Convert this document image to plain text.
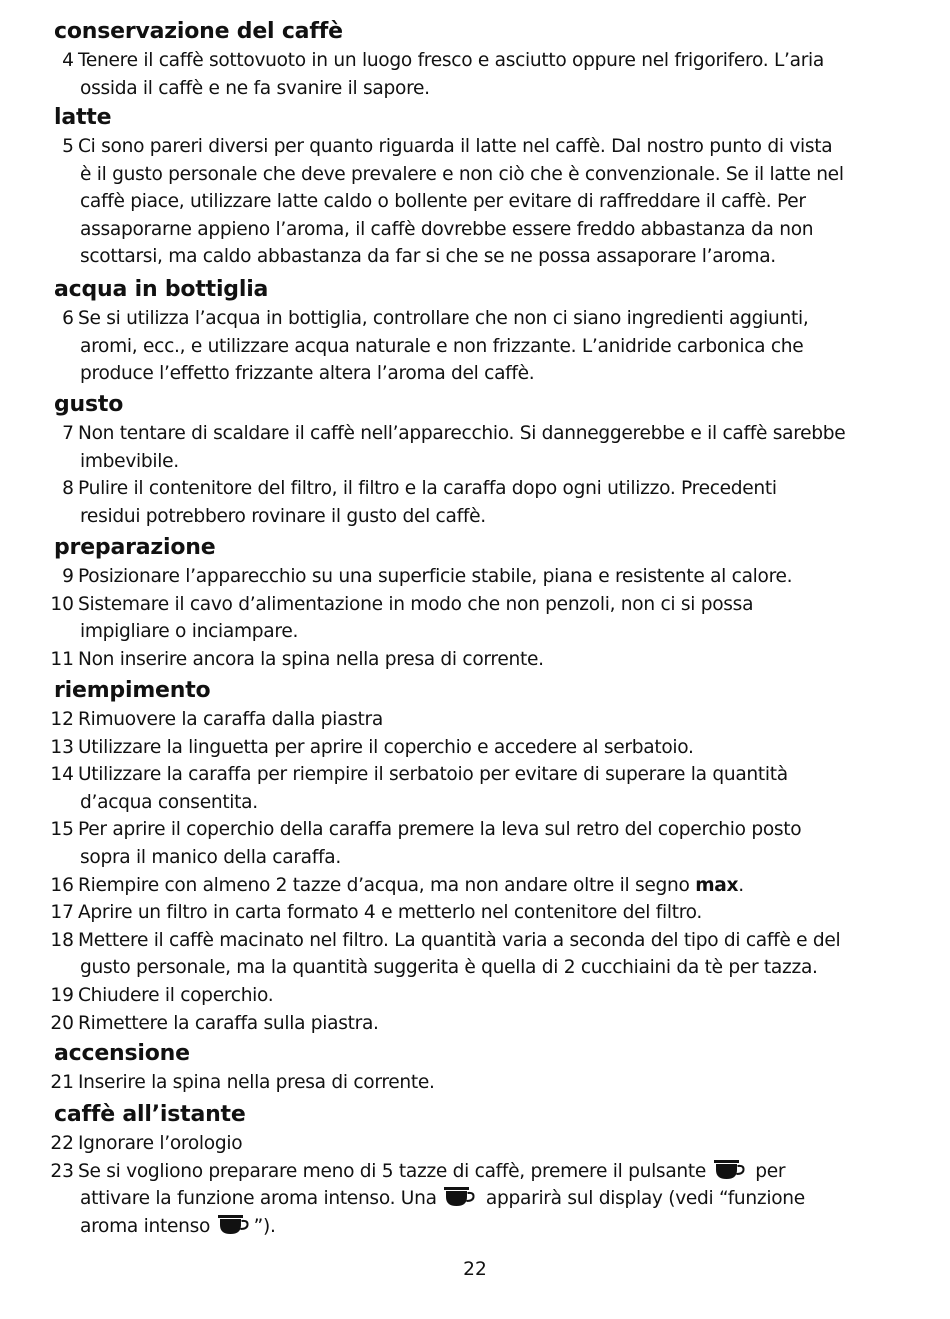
conservazione del caffè
4 Tenere il caffè sottovuoto in un luogo fresco e asciutto oppure nel frigorifero. L’aria
ossida il caffè e ne fa svanire il sapore.
latte
5 Ci sono pareri diversi per quanto riguarda il latte nel caffè. Dal nostro punto di vista
è il gusto personale che deve prevalere e non ciò che è convenzionale. Se il latte nel
caffè piace, utilizzare latte caldo o bollente per evitare di raffreddare il caffè. Per
assaporarne appieno l’aroma, il caffè dovrebbe essere freddo abbastanza da non
scottarsi, ma caldo abbastanza da far si che se ne possa assaporare l’aroma.
acqua in bottiglia
6 Se si utilizza l’acqua in bottiglia, controllare che non ci siano ingredienti aggiunti,
aromi, ecc., e utilizzare acqua naturale e non frizzante. L’anidride carbonica che
produce l’effetto frizzante altera l’aroma del caffè.
gusto
7 Non tentare di scaldare il caffè nell’apparecchio. Si danneggerebbe e il caffè sarebbe
imbevibile.
8 Pulire il contenitore del filtro, il filtro e la caraffa dopo ogni utilizzo. Precedenti
residui potrebbero rovinare il gusto del caffè.
preparazione
9 Posizionare l’apparecchio su una superficie stabile, piana e resistente al calore.
10 Sistemare il cavo d’alimentazione in modo che non penzoli, non ci si possa
impigliare o inciampare.
11 Non inserire ancora la spina nella presa di corrente.
riempimento
12 Rimuovere la caraffa dalla piastra
13 Utilizzare la linguetta per aprire il coperchio e accedere al serbatoio.
14 Utilizzare la caraffa per riempire il serbatoio per evitare di superare la quantità
d’acqua consentita.
15 Per aprire il coperchio della caraffa premere la leva sul retro del coperchio posto
sopra il manico della caraffa.
16 Riempire con almeno 2 tazze d’acqua, ma non andare oltre il segno max.
17 Aprire un filtro in carta formato 4 e metterlo nel contenitore del filtro.
18 Mettere il caffè macinato nel filtro. La quantità varia a seconda del tipo di caffè e del
gusto personale, ma la quantità suggerita è quella di 2 cucchiaini da tè per tazza.
19 Chiudere il coperchio.
20 Rimettere la caraffa sulla piastra.
accensione
21 Inserire la spina nella presa di corrente.
caffè all’istante
22 Ignorare l’orologio
23 Se si vogliono preparare meno di 5 tazze di caffè, premere il pulsante  per
attivare la funzione aroma intenso. Una  apparirà sul display (vedi “funzione
aroma intenso ”).
22
